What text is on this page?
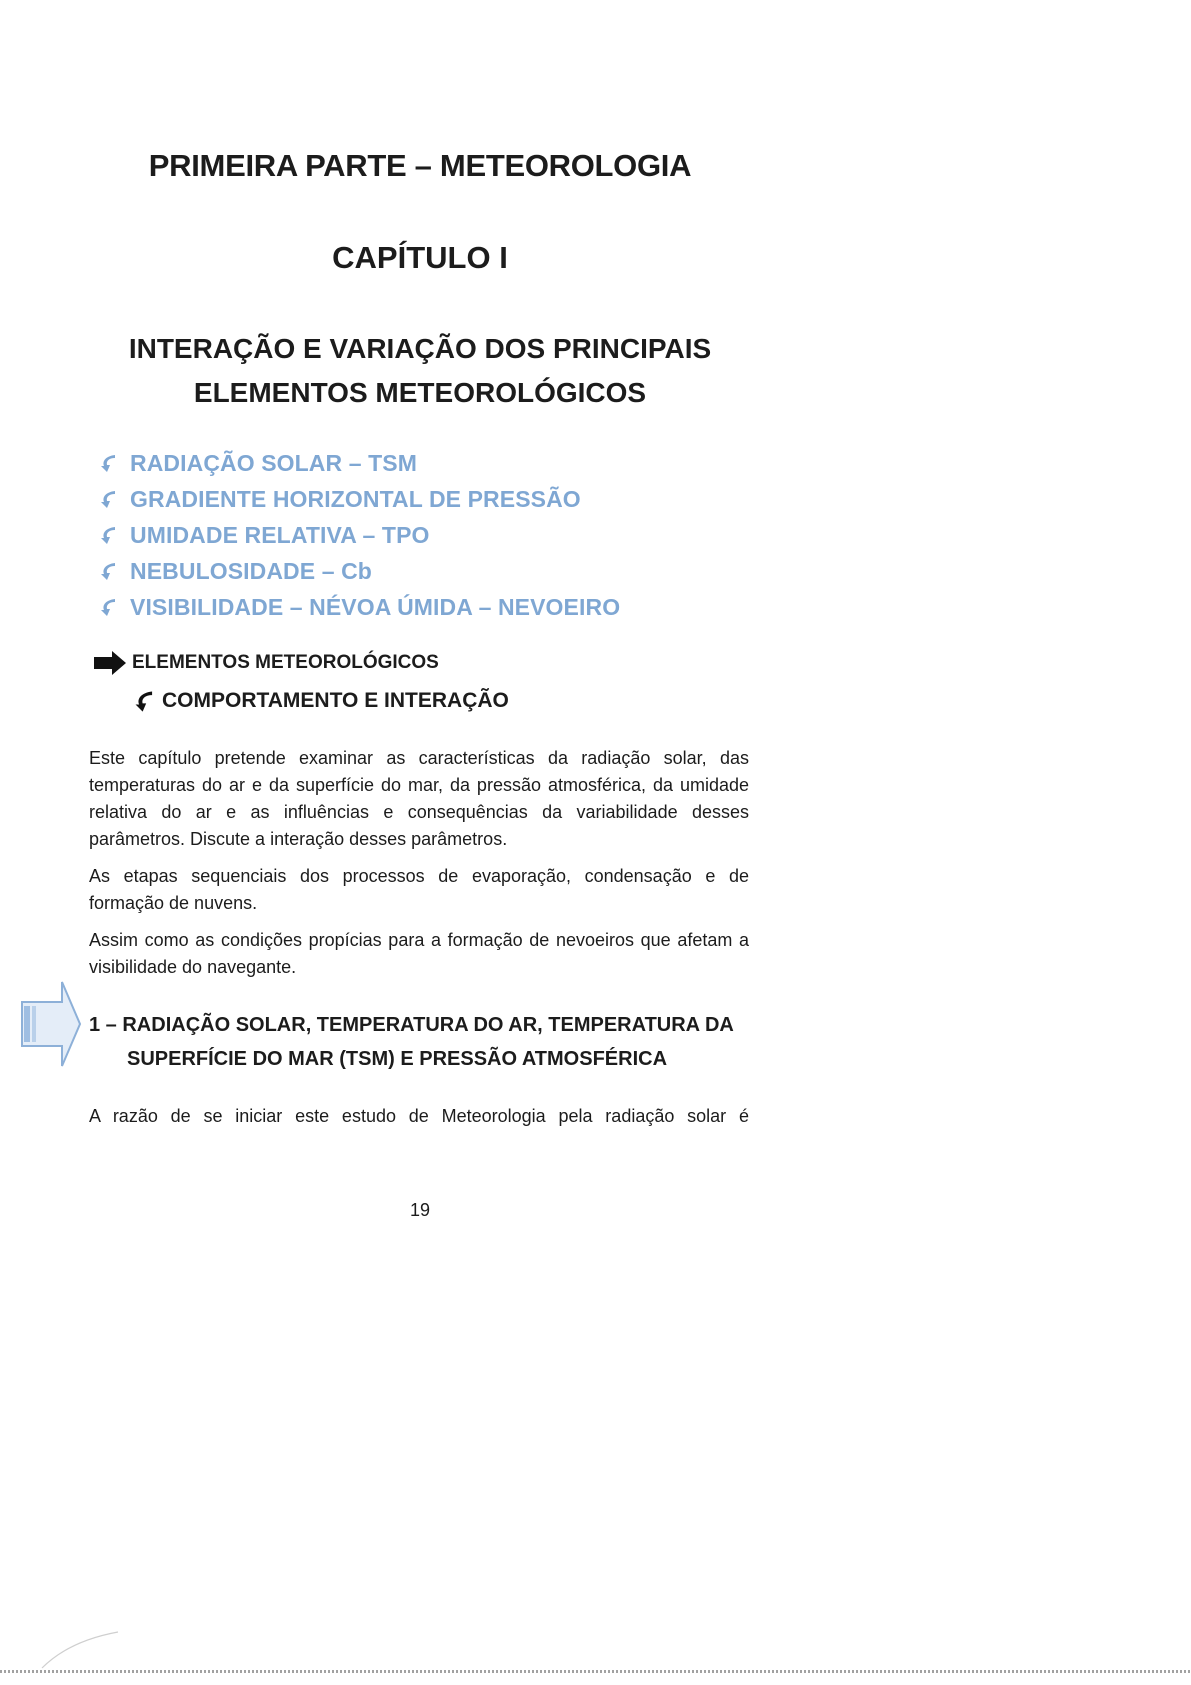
PRIMEIRA PARTE – METEOROLOGIA
CAPÍTULO I
INTERAÇÃO E VARIAÇÃO DOS PRINCIPAIS
ELEMENTOS METEOROLÓGICOS
RADIAÇÃO SOLAR – TSM
GRADIENTE HORIZONTAL DE PRESSÃO
UMIDADE RELATIVA – TPO
NEBULOSIDADE – Cb
VISIBILIDADE – NÉVOA ÚMIDA – NEVOEIRO
ELEMENTOS METEOROLÓGICOS
COMPORTAMENTO E INTERAÇÃO

Este capítulo pretende examinar as características da radiação solar, das temperaturas do ar e da superfície do mar, da pressão atmosférica, da umidade relativa do ar e as influências e consequências da variabilidade desses parâmetros. Discute a interação desses parâmetros.

As etapas sequenciais dos processos de evaporação, condensação e de formação de nuvens.

Assim como as condições propícias para a formação de nevoeiros que afetam a visibilidade do navegante.

1 – RADIAÇÃO SOLAR, TEMPERATURA DO AR, TEMPERATURA DA
SUPERFÍCIE DO MAR (TSM) E PRESSÃO ATMOSFÉRICA
A razão de se iniciar este estudo de Meteorologia pela radiação solar é
19
